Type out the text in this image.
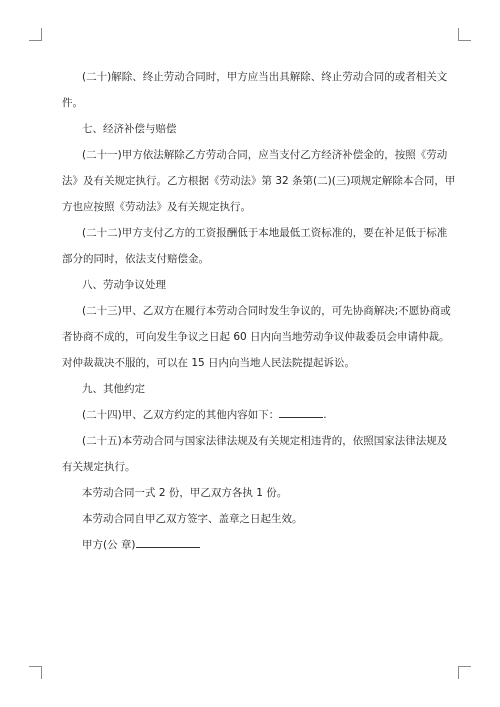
(二十)解除、终止劳动合同时，甲方应当出具解除、终止劳动合同的或者相关文

件。

七、经济补偿与赔偿

(二十一)甲方依法解除乙方劳动合同，应当支付乙方经济补偿金的，按照《劳动

法》及有关规定执行。乙方根据《劳动法》第 32 条第(二)(三)项规定解除本合同，甲
方也应按照《劳动法》及有关规定执行。

(二十二)甲方支付乙方的工资报酬低于本地最低工资标准的，要在补足低于标准

部分的同时，依法支付赔偿金。

八、劳动争议处理

(二十三)甲、乙双方在履行本劳动合同时发生争议的，可先协商解决;不愿协商或

者协商不成的，可向发生争议之日起 60 日内向当地劳动争议仲裁委员会申请仲裁。
对仲裁裁决不服的，可以在 15 日内向当地人民法院提起诉讼。

九、其他约定

(二十四)甲、乙双方约定的其他内容如下：	.

(二十五)本劳动合同与国家法律法规及有关规定相违背的，依照国家法律法规及

有关规定执行。

本劳动合同一式 2 份，甲乙双方各执 1 份。

本劳动合同自甲乙双方签字、盖章之日起生效。

甲方(公 章)
